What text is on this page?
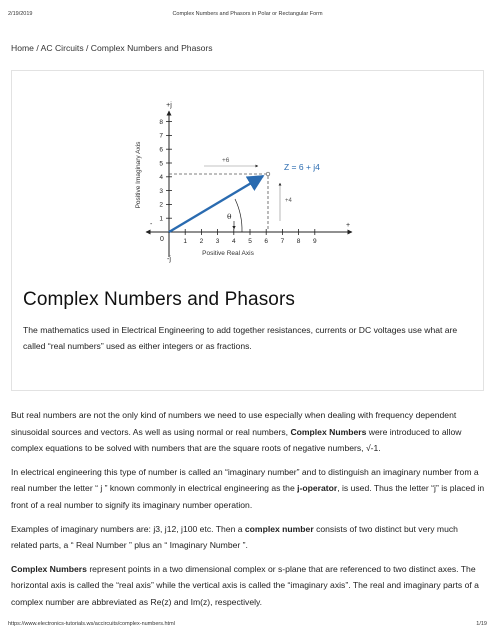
2/19/2019	Complex Numbers and Phasors in Polar or Rectangular Form
Home / AC Circuits / Complex Numbers and Phasors
Positive Imaginary Axis
+j
-j
-	+
0	1 2 3 4 5 6 7 8 9
1
2
3
4
5
6
7
8
Positive Real Axis
+6
+4
θ
Z = 6 + j4
Complex Numbers and Phasors

The mathematics used in Electrical Engineering to add together resistances, currents or DC voltages use what are called “real numbers” used as either integers or as fractions.

But real numbers are not the only kind of numbers we need to use especially when dealing with frequency dependent sinusoidal sources and vectors. As well as using normal or real numbers, Complex Numbers were introduced to allow complex equations to be solved with numbers that are the square roots of negative numbers, √-1.

In electrical engineering this type of number is called an “imaginary number” and to distinguish an imaginary number from a real number the letter “ j ” known commonly in electrical engineering as the j-operator, is used. Thus the letter “j” is placed in front of a real number to signify its imaginary number operation.

Examples of imaginary numbers are: j3, j12, j100 etc. Then a complex number consists of two distinct but very much related parts, a “ Real Number ” plus an “ Imaginary Number ”.

Complex Numbers represent points in a two dimensional complex or s-plane that are referenced to two distinct axes. The horizontal axis is called the “real axis” while the vertical axis is called the “imaginary axis”. The real and imaginary parts of a complex number are abbreviated as Re(z) and Im(z), respectively.

https://www.electronics-tutorials.ws/accircuits/complex-numbers.html	1/19
